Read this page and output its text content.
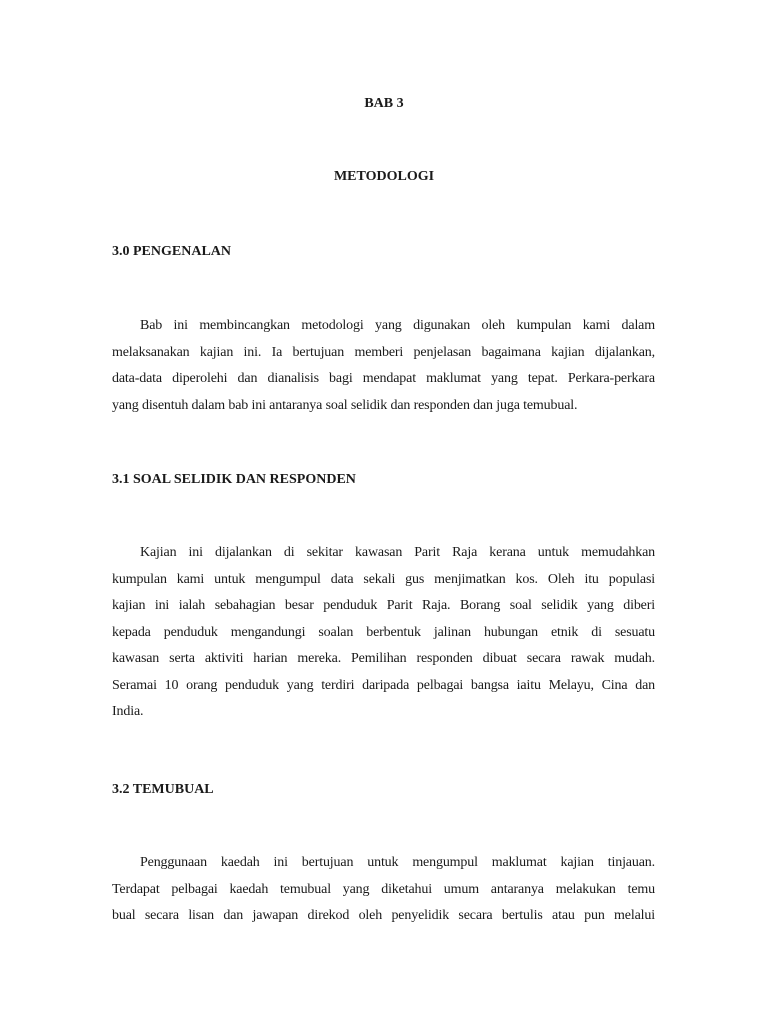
BAB 3
METODOLOGI
3.0 PENGENALAN
Bab ini membincangkan metodologi yang digunakan oleh kumpulan kami dalam
melaksanakan kajian ini. Ia bertujuan memberi penjelasan bagaimana kajian dijalankan,
data-data diperolehi dan dianalisis bagi mendapat maklumat yang tepat. Perkara-perkara
yang disentuh dalam bab ini antaranya soal selidik dan responden dan juga temubual.
3.1 SOAL SELIDIK DAN RESPONDEN
Kajian ini dijalankan di sekitar kawasan Parit Raja kerana untuk memudahkan
kumpulan kami untuk mengumpul data sekali gus menjimatkan kos. Oleh itu populasi
kajian ini ialah sebahagian besar penduduk Parit Raja. Borang soal selidik yang diberi
kepada penduduk mengandungi soalan berbentuk jalinan hubungan etnik di sesuatu
kawasan serta aktiviti harian mereka. Pemilihan responden dibuat secara rawak mudah.
Seramai 10 orang penduduk yang terdiri daripada pelbagai bangsa iaitu Melayu, Cina dan
India.
3.2 TEMUBUAL
Penggunaan kaedah ini bertujuan untuk mengumpul maklumat kajian tinjauan.
Terdapat pelbagai kaedah temubual yang diketahui umum antaranya melakukan temu
bual secara lisan dan jawapan direkod oleh penyelidik secara bertulis atau pun melalui
